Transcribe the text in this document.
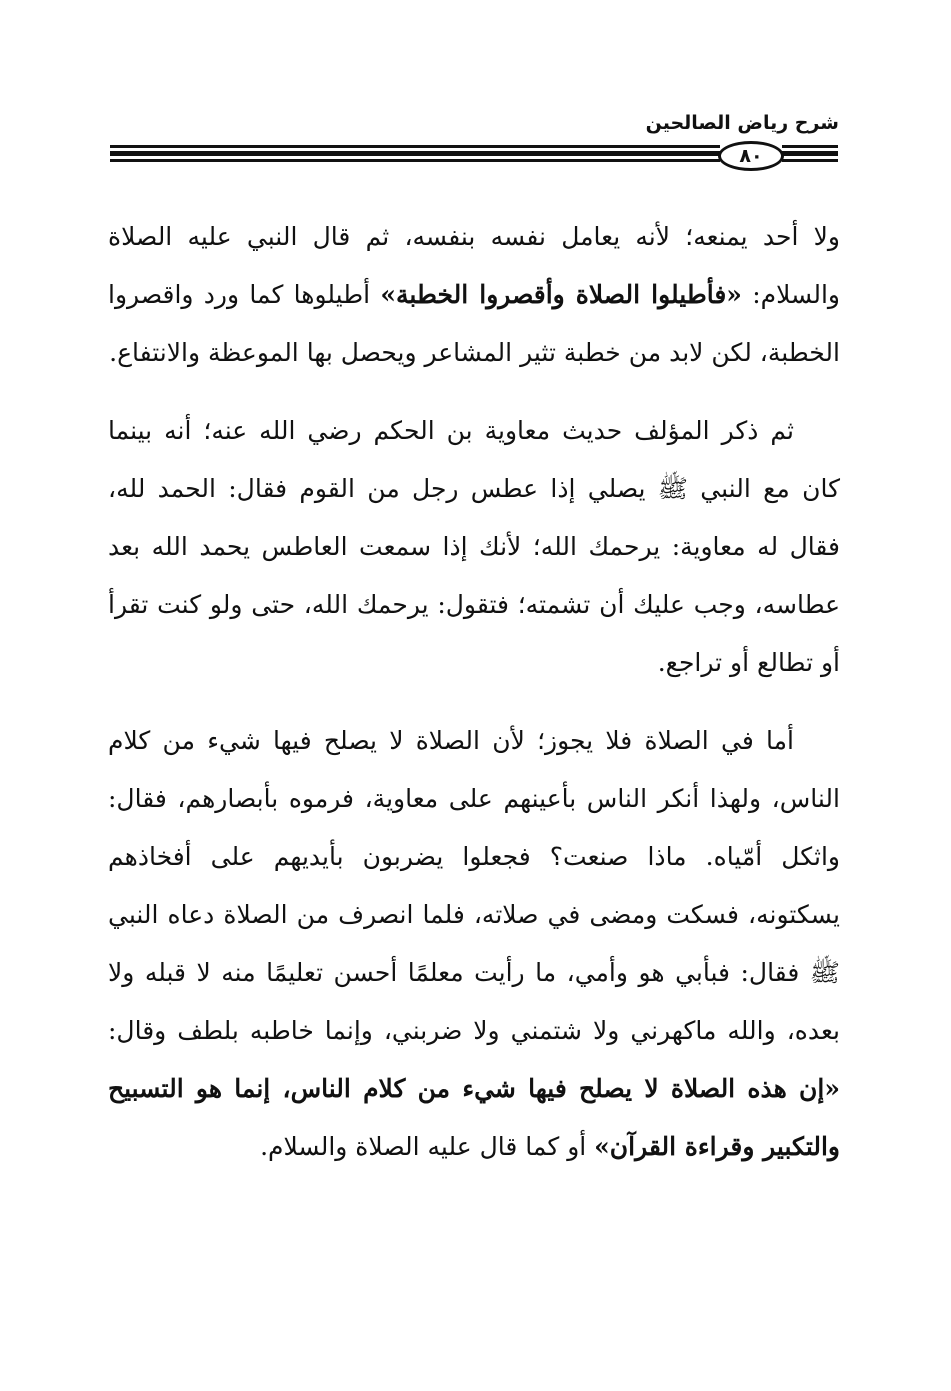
شرح رياض الصالحين
٨٠

ولا أحد يمنعه؛ لأنه يعامل نفسه بنفسه، ثم قال النبي عليه الصلاة والسلام: «فأطيلوا الصلاة وأقصروا الخطبة» أطيلوها كما ورد واقصروا الخطبة، لكن لابد من خطبة تثير المشاعر ويحصل بها الموعظة والانتفاع.

ثم ذكر المؤلف حديث معاوية بن الحكم رضي الله عنه؛ أنه بينما كان مع النبي ﷺ يصلي إذا عطس رجل من القوم فقال: الحمد لله، فقال له معاوية: يرحمك الله؛ لأنك إذا سمعت العاطس يحمد الله بعد عطاسه، وجب عليك أن تشمته؛ فتقول: يرحمك الله، حتى ولو كنت تقرأ أو تطالع أو تراجع.

أما في الصلاة فلا يجوز؛ لأن الصلاة لا يصلح فيها شيء من كلام الناس، ولهذا أنكر الناس بأعينهم على معاوية، فرموه بأبصارهم، فقال: واثكل أمّياه. ماذا صنعت؟ فجعلوا يضربون بأيديهم على أفخاذهم يسكتونه، فسكت ومضى في صلاته، فلما انصرف من الصلاة دعاه النبي ﷺ فقال: فبأبي هو وأمي، ما رأيت معلمًا أحسن تعليمًا منه لا قبله ولا بعده، والله ماكهرني ولا شتمني ولا ضربني، وإنما خاطبه بلطف وقال: «إن هذه الصلاة لا يصلح فيها شيء من كلام الناس، إنما هو التسبيح والتكبير وقراءة القرآن» أو كما قال عليه الصلاة والسلام.
